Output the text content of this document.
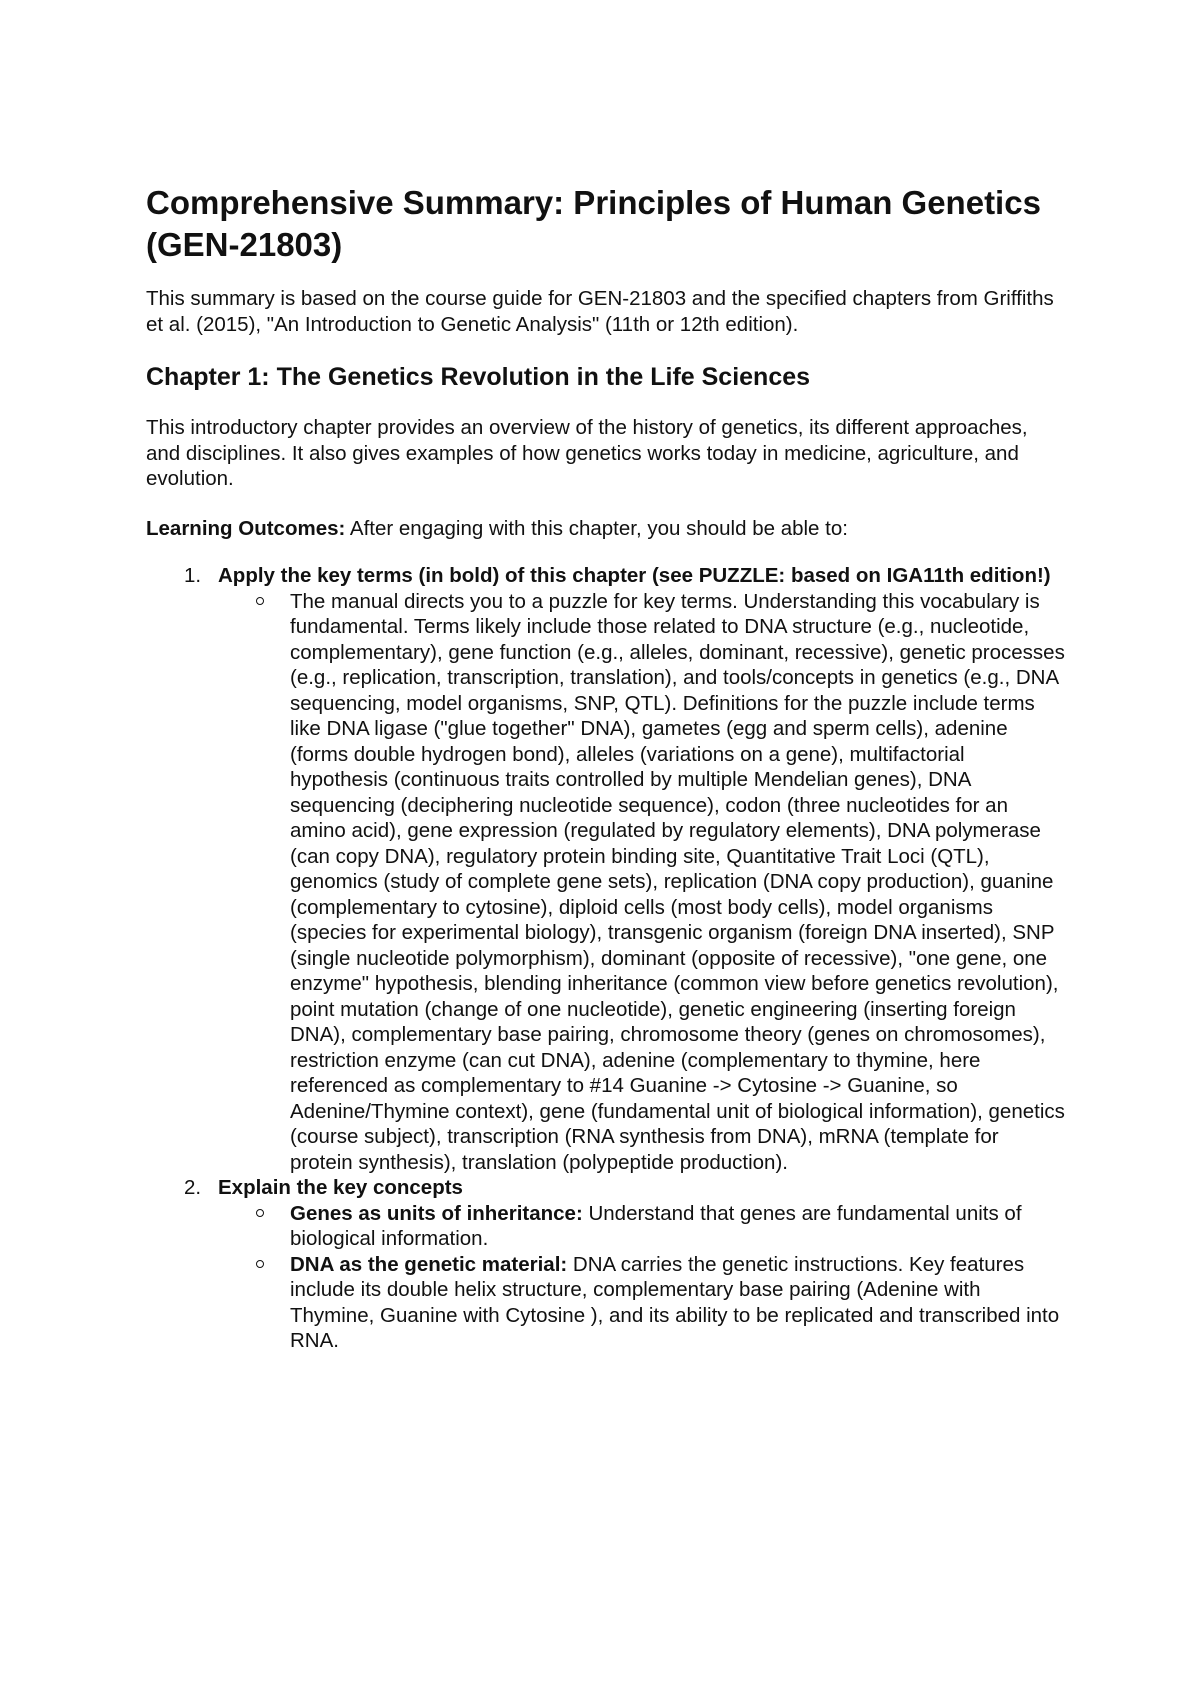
Comprehensive Summary: Principles of Human Genetics (GEN-21803)

This summary is based on the course guide for GEN-21803 and the specified chapters from Griffiths et al. (2015), "An Introduction to Genetic Analysis" (11th or 12th edition).

Chapter 1: The Genetics Revolution in the Life Sciences

This introductory chapter provides an overview of the history of genetics, its different approaches, and disciplines. It also gives examples of how genetics works today in medicine, agriculture, and evolution.

Learning Outcomes: After engaging with this chapter, you should be able to:

1. Apply the key terms (in bold) of this chapter (see PUZZLE: based on IGA11th edition!)
The manual directs you to a puzzle for key terms. Understanding this vocabulary is fundamental. Terms likely include those related to DNA structure (e.g., nucleotide, complementary), gene function (e.g., alleles, dominant, recessive), genetic processes (e.g., replication, transcription, translation), and tools/concepts in genetics (e.g., DNA sequencing, model organisms, SNP, QTL). Definitions for the puzzle include terms like DNA ligase ("glue together" DNA), gametes (egg and sperm cells), adenine (forms double hydrogen bond), alleles (variations on a gene), multifactorial hypothesis (continuous traits controlled by multiple Mendelian genes), DNA sequencing (deciphering nucleotide sequence), codon (three nucleotides for an amino acid), gene expression (regulated by regulatory elements), DNA polymerase (can copy DNA), regulatory protein binding site, Quantitative Trait Loci (QTL), genomics (study of complete gene sets), replication (DNA copy production), guanine (complementary to cytosine), diploid cells (most body cells), model organisms (species for experimental biology), transgenic organism (foreign DNA inserted), SNP (single nucleotide polymorphism), dominant (opposite of recessive), "one gene, one enzyme" hypothesis, blending inheritance (common view before genetics revolution), point mutation (change of one nucleotide), genetic engineering (inserting foreign DNA), complementary base pairing, chromosome theory (genes on chromosomes), restriction enzyme (can cut DNA), adenine (complementary to thymine, here referenced as complementary to #14 Guanine -> Cytosine -> Guanine, so Adenine/Thymine context), gene (fundamental unit of biological information), genetics (course subject), transcription (RNA synthesis from DNA), mRNA (template for protein synthesis), translation (polypeptide production).
2. Explain the key concepts
Genes as units of inheritance: Understand that genes are fundamental units of biological information.
DNA as the genetic material: DNA carries the genetic instructions. Key features include its double helix structure, complementary base pairing (Adenine with Thymine, Guanine with Cytosine ), and its ability to be replicated and transcribed into RNA.
